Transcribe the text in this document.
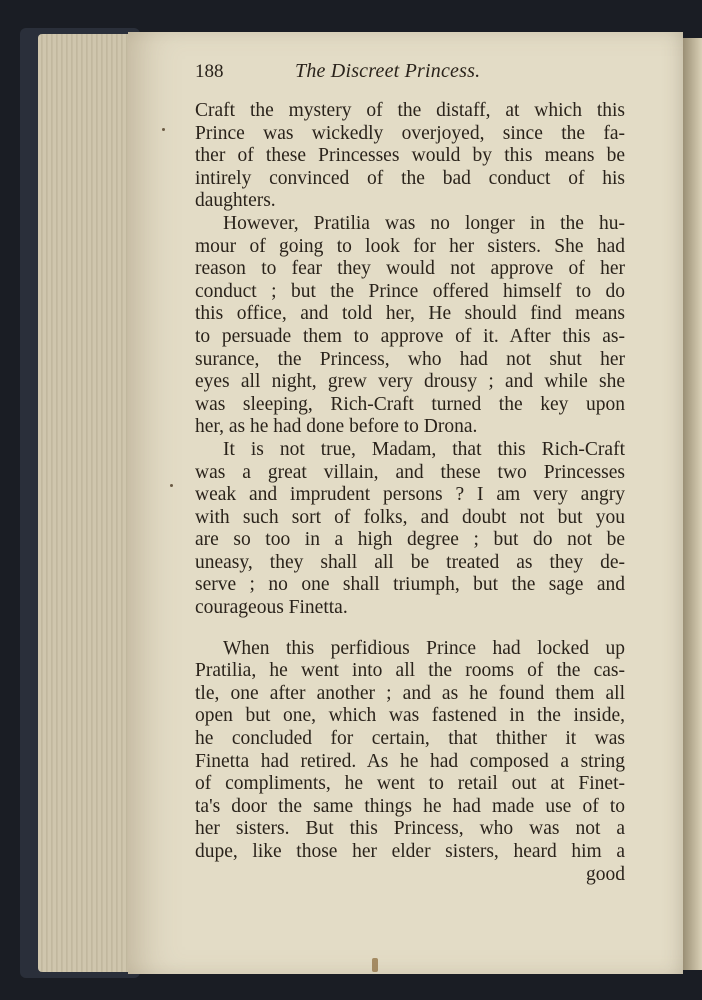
188	The Discreet Princess.
Craft the mystery of the distaff, at which this
Prince was wickedly overjoyed, since the fa-
ther of these Princesses would by this means be
intirely convinced of the bad conduct of his
daughters.
However, Pratilia was no longer in the hu-
mour of going to look for her sisters. She had
reason to fear they would not approve of her
conduct ; but the Prince offered himself to do
this office, and told her, He should find means
to persuade them to approve of it. After this as-
surance, the Princess, who had not shut her
eyes all night, grew very drousy ; and while she
was sleeping, Rich-Craft turned the key upon
her, as he had done before to Drona.
It is not true, Madam, that this Rich-Craft
was a great villain, and these two Princesses
weak and imprudent persons ? I am very angry
with such sort of folks, and doubt not but you
are so too in a high degree ; but do not be
uneasy, they shall all be treated as they de-
serve ; no one shall triumph, but the sage and
courageous Finetta.
When this perfidious Prince had locked up
Pratilia, he went into all the rooms of the cas-
tle, one after another ; and as he found them all
open but one, which was fastened in the inside,
he concluded for certain, that thither it was
Finetta had retired. As he had composed a string
of compliments, he went to retail out at Finet-
ta's door the same things he had made use of to
her sisters. But this Princess, who was not a
dupe, like those her elder sisters, heard him a
good
